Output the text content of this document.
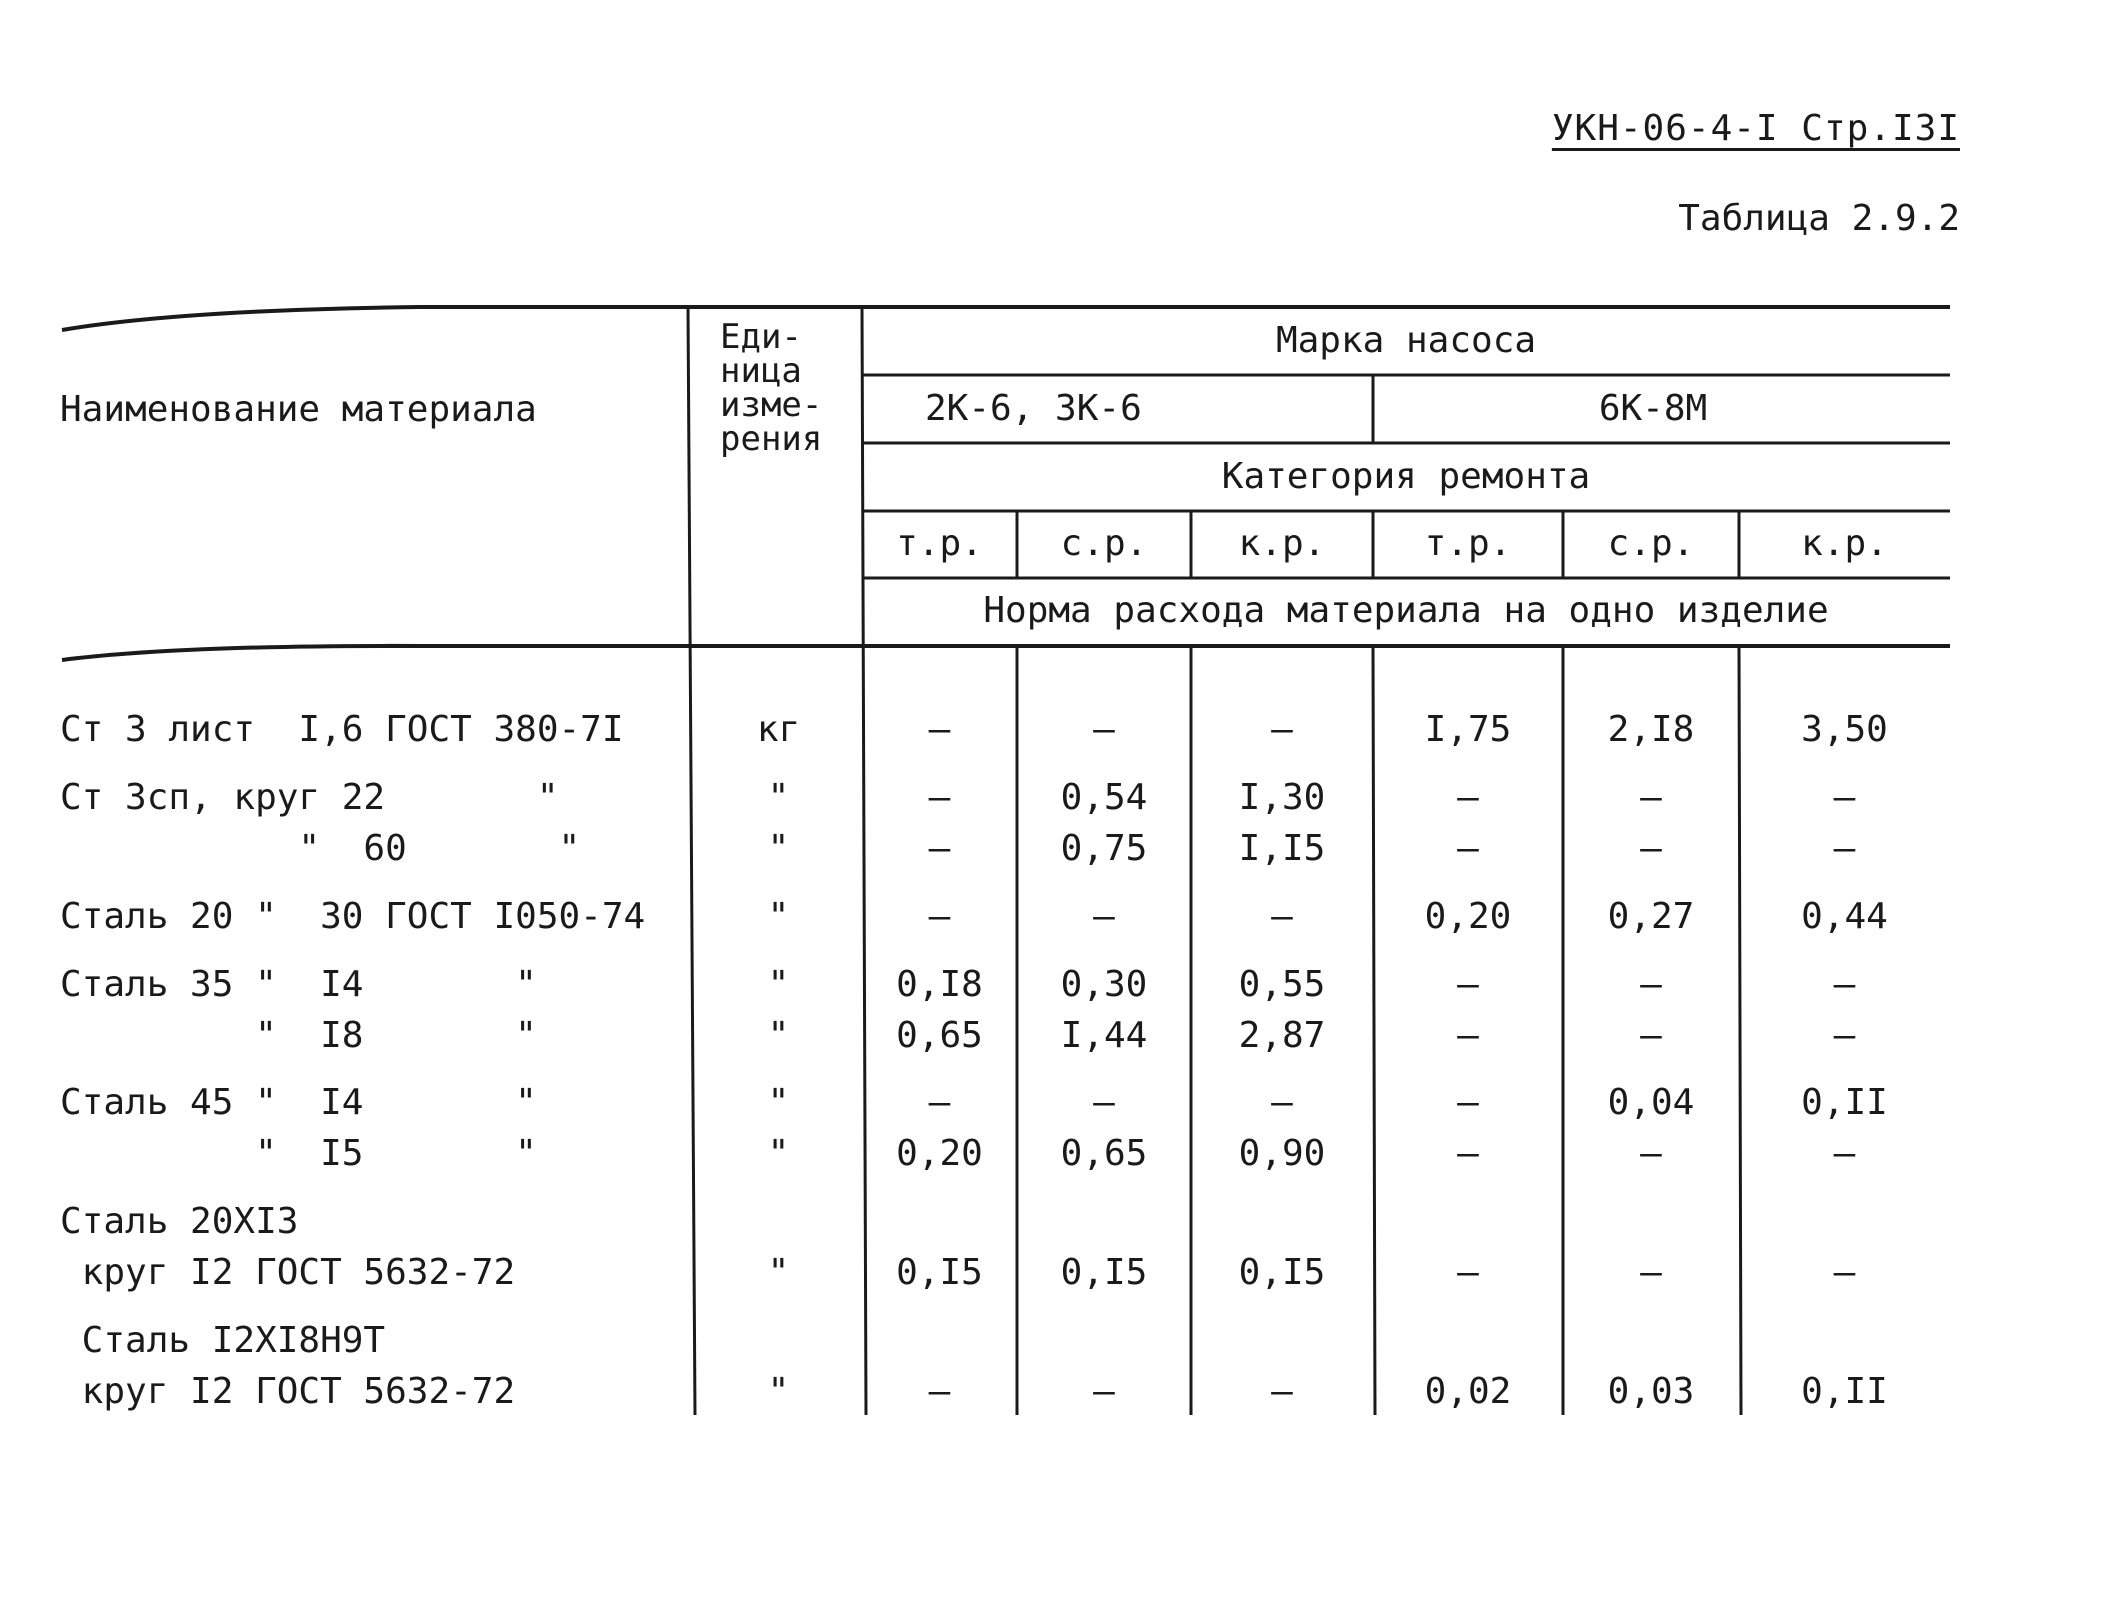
УКН-06-4-I Стр.I3I
Таблица 2.9.2
Наименование материала
Еди-
ница
изме-
рения
Марка насоса
2К-6, 3К-6	6К-8М
Категория ремонта
т.р.	с.р.	к.р.	т.р.	с.р.	к.р.
Норма расхода материала на одно изделие
Ст 3 лист  I,6 ГОСТ 380-7I	кг	–	–	–	I,75	2,I8	3,50
Ст 3сп, круг 22       "	"	–	0,54	I,30	–	–	–
"  60       "	"	–	0,75	I,I5	–	–	–
Сталь 20 "  30 ГОСТ I050-74	"	–	–	–	0,20	0,27	0,44
Сталь 35 "  I4       "	"	0,I8	0,30	0,55	–	–	–
"  I8       "	"	0,65	I,44	2,87	–	–	–
Сталь 45 "  I4       "	"	–	–	–	–	0,04	0,II
"  I5       "	"	0,20	0,65	0,90	–	–	–
Сталь 20ХI3
круг I2 ГОСТ 5632-72	"	0,I5	0,I5	0,I5	–	–	–
Сталь I2ХI8Н9Т
круг I2 ГОСТ 5632-72	"	–	–	–	0,02	0,03	0,II
